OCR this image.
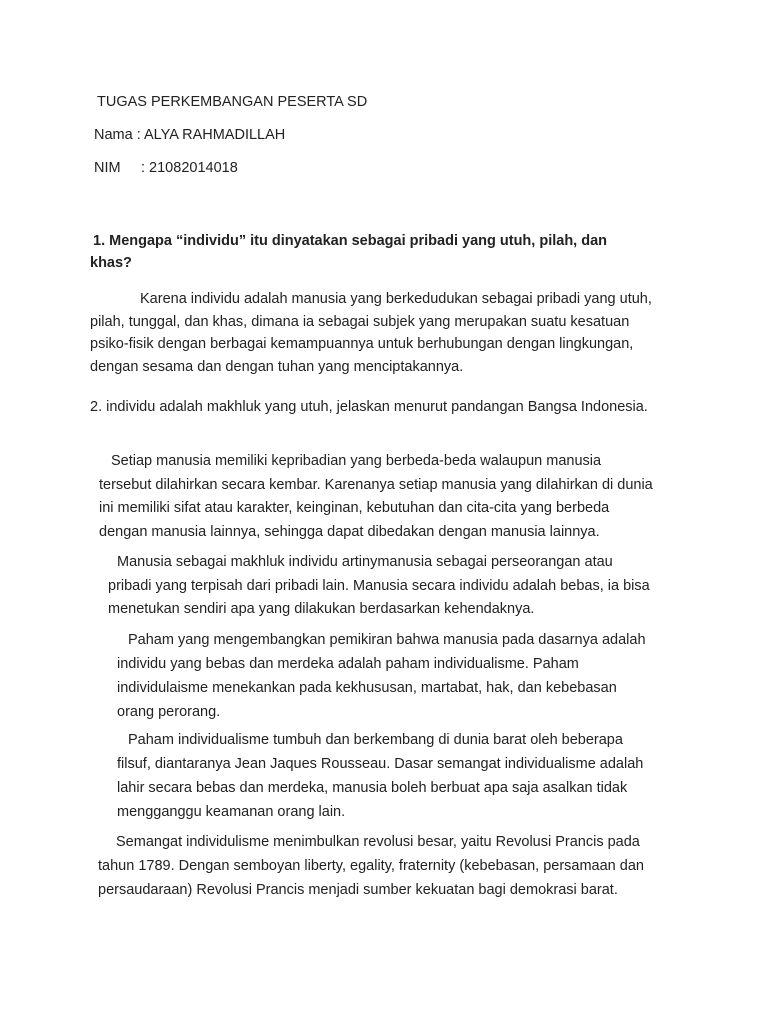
TUGAS PERKEMBANGAN PESERTA SD
Nama : ALYA RAHMADILLAH
NIM : 21082014018
1. Mengapa “individu” itu dinyatakan sebagai pribadi yang utuh, pilah, dan
khas?
Karena individu adalah manusia yang berkedudukan sebagai pribadi yang utuh,
pilah, tunggal, dan khas, dimana ia sebagai subjek yang merupakan suatu kesatuan
psiko-fisik dengan berbagai kemampuannya untuk berhubungan dengan lingkungan,
dengan sesama dan dengan tuhan yang menciptakannya.
2. individu adalah makhluk yang utuh, jelaskan menurut pandangan Bangsa Indonesia.
Setiap manusia memiliki kepribadian yang berbeda-beda walaupun manusia
tersebut dilahirkan secara kembar. Karenanya setiap manusia yang dilahirkan di dunia
ini memiliki sifat atau karakter, keinginan, kebutuhan dan cita-cita yang berbeda
dengan manusia lainnya, sehingga dapat dibedakan dengan manusia lainnya.
Manusia sebagai makhluk individu artinymanusia sebagai perseorangan atau
pribadi yang terpisah dari pribadi lain. Manusia secara individu adalah bebas, ia bisa
menetukan sendiri apa yang dilakukan berdasarkan kehendaknya.
Paham yang mengembangkan pemikiran bahwa manusia pada dasarnya adalah
individu yang bebas dan merdeka adalah paham individualisme. Paham
individulaisme menekankan pada kekhususan, martabat, hak, dan kebebasan
orang perorang.
Paham individualisme tumbuh dan berkembang di dunia barat oleh beberapa
filsuf, diantaranya Jean Jaques Rousseau. Dasar semangat individualisme adalah
lahir secara bebas dan merdeka, manusia boleh berbuat apa saja asalkan tidak
mengganggu keamanan orang lain.
Semangat individulisme menimbulkan revolusi besar, yaitu Revolusi Prancis pada
tahun 1789. Dengan semboyan liberty, egality, fraternity (kebebasan, persamaan dan
persaudaraan) Revolusi Prancis menjadi sumber kekuatan bagi demokrasi barat.
